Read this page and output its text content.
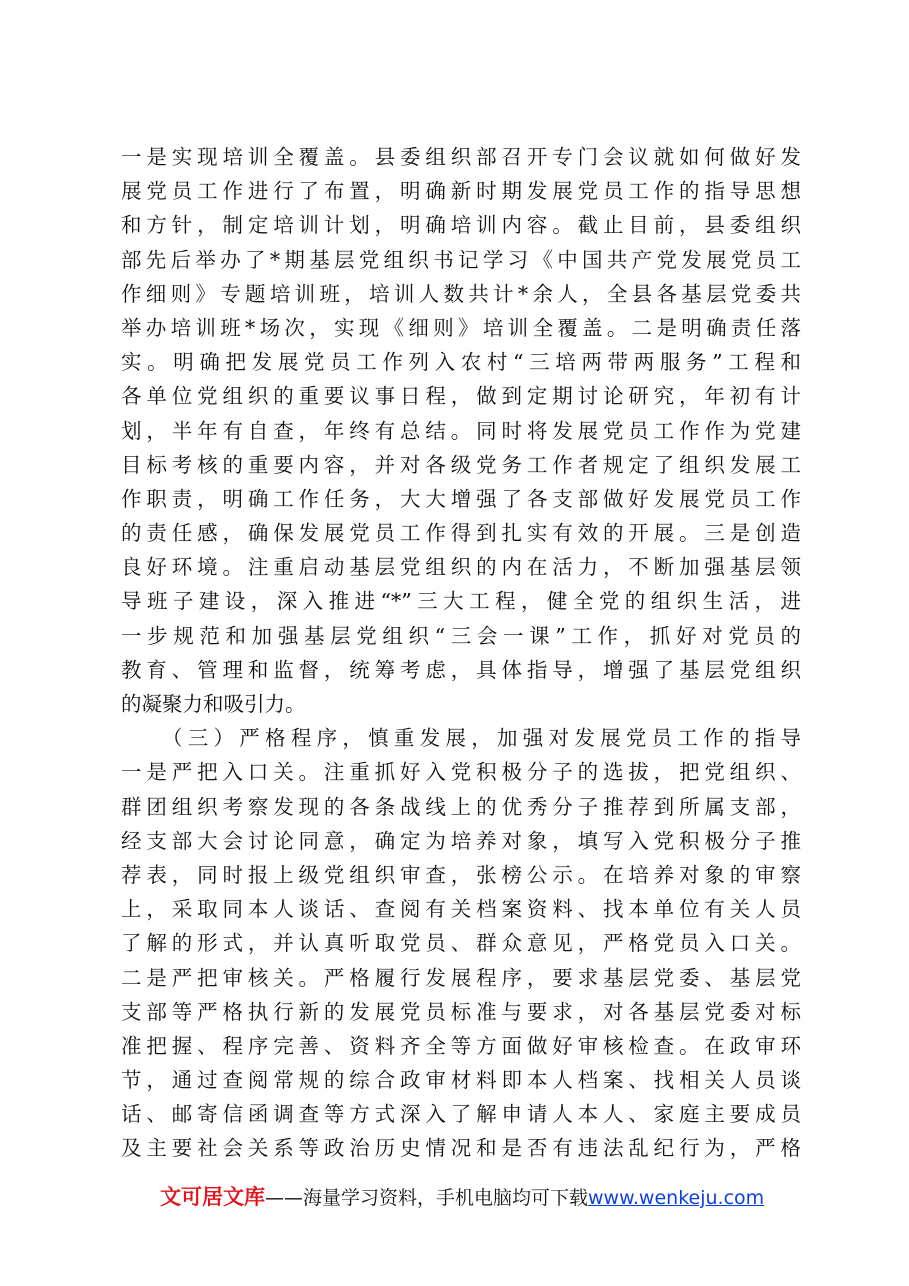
一是实现培训全覆盖。县委组织部召开专门会议就如何做好发
展党员工作进行了布置，明确新时期发展党员工作的指导思想
和方针，制定培训计划，明确培训内容。截止目前，县委组织
部先后举办了*期基层党组织书记学习《中国共产党发展党员工
作细则》专题培训班，培训人数共计*余人，全县各基层党委共
举办培训班*场次，实现《细则》培训全覆盖。二是明确责任落
实。明确把发展党员工作列入农村“三培两带两服务”工程和
各单位党组织的重要议事日程，做到定期讨论研究，年初有计
划，半年有自查，年终有总结。同时将发展党员工作作为党建
目标考核的重要内容，并对各级党务工作者规定了组织发展工
作职责，明确工作任务，大大增强了各支部做好发展党员工作
的责任感，确保发展党员工作得到扎实有效的开展。三是创造
良好环境。注重启动基层党组织的内在活力，不断加强基层领
导班子建设，深入推进“*”三大工程，健全党的组织生活，进
一步规范和加强基层党组织“三会一课”工作，抓好对党员的
教育、管理和监督，统筹考虑，具体指导，增强了基层党组织
的凝聚力和吸引力。
（三）严格程序，慎重发展，加强对发展党员工作的指导
一是严把入口关。注重抓好入党积极分子的选拔，把党组织、
群团组织考察发现的各条战线上的优秀分子推荐到所属支部，
经支部大会讨论同意，确定为培养对象，填写入党积极分子推
荐表，同时报上级党组织审查，张榜公示。在培养对象的审察
上，采取同本人谈话、查阅有关档案资料、找本单位有关人员
了解的形式，并认真听取党员、群众意见，严格党员入口关。
二是严把审核关。严格履行发展程序，要求基层党委、基层党
支部等严格执行新的发展党员标准与要求，对各基层党委对标
准把握、程序完善、资料齐全等方面做好审核检查。在政审环
节，通过查阅常规的综合政审材料即本人档案、找相关人员谈
话、邮寄信函调查等方式深入了解申请人本人、家庭主要成员
及主要社会关系等政治历史情况和是否有违法乱纪行为，严格
文可居文库——海量学习资料，手机电脑均可下载www.wenkeju.com
